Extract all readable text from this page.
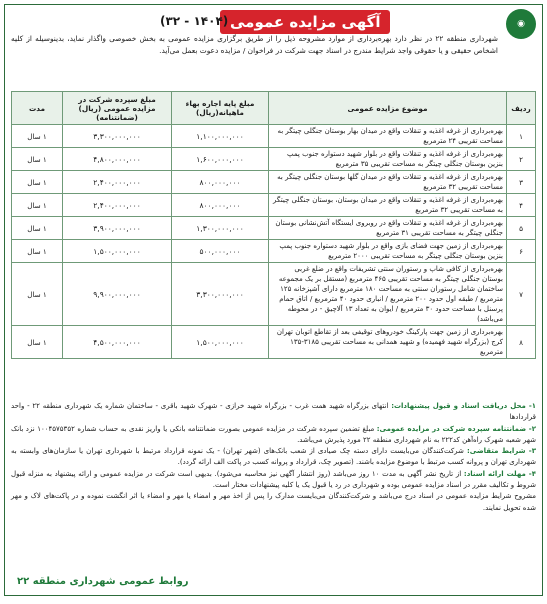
◉
آگهی مزایده عمومی
(۳۲ - ۱۴۰۴)
شهرداری منطقه ۲۲ در نظر دارد بهره‌برداری از موارد مشروحه ذیل را از طریق برگزاری مزایده عمومی به بخش خصوصی واگذار نماید، بدینوسیله از کلیه اشخاص حقیقی و یا حقوقی واجد شرایط مندرج در اسناد جهت شرکت در فراخوان / مزایده دعوت بعمل می‌آید.
ردیف	موضوع مزایده عمومی	مبلغ پایه اجاره بهاء ماهیانه(ریال)	مبلغ سپرده شرکت در مزایده عمومی (ریال) (ضمانتنامه)	مدت
۱	بهره‌برداری از غرفه اغذیه و تنقلات واقع در میدان بهار بوستان جنگلی چیتگر به مساحت تقریبی ۲۴ مترمربع	۱,۱۰۰,۰۰۰,۰۰۰	۳,۳۰۰,۰۰۰,۰۰۰	۱ سال
۲	بهره‌برداری از غرفه اغذیه و تنقلات واقع در بلوار شهید دستواره جنوب پمپ بنزین بوستان جنگلی چیتگر به مساحت تقریبی ۳۵ مترمربع	۱,۶۰۰,۰۰۰,۰۰۰	۴,۸۰۰,۰۰۰,۰۰۰	۱ سال
۳	بهره‌برداری از غرفه اغذیه و تنقلات واقع در میدان گلها بوستان جنگلی چیتگر به مساحت تقریبی ۳۲ مترمربع	۸۰۰,۰۰۰,۰۰۰	۲,۴۰۰,۰۰۰,۰۰۰	۱ سال
۴	بهره‌برداری از غرفه اغذیه و تنقلات واقع در میدان بوستان، بوستان جنگلی چیتگر به مساحت تقریبی ۳۲ مترمربع	۸۰۰,۰۰۰,۰۰۰	۲,۴۰۰,۰۰۰,۰۰۰	۱ سال
۵	بهره‌برداری از غرفه اغذیه و تنقلات واقع در روبروی ایستگاه آتش‌نشانی بوستان جنگلی چیتگر به مساحت تقریبی ۳۱ مترمربع	۱,۳۰۰,۰۰۰,۰۰۰	۳,۹۰۰,۰۰۰,۰۰۰	۱ سال
۶	بهره‌برداری از زمین جهت فضای بازی واقع در بلوار شهید دستواره جنوب پمپ بنزین بوستان جنگلی چیتگر به مساحت تقریبی ۲۰۰۰ مترمربع	۵۰۰,۰۰۰,۰۰۰	۱,۵۰۰,۰۰۰,۰۰۰	۱ سال
۷	بهره‌برداری از کافی شاپ و رستوران سنتی تشریفات واقع در ضلع غربی بوستان جنگلی چیتگر به مساحت تقریبی ۴۶۵ مترمربع (مستقل بر یک مجموعه ساختمان شامل رستوران سنتی به مساحت ۱۸۰ مترمربع دارای آشپزخانه ۱۲۵ مترمربع / طبقه اول حدود ۲۰۰ مترمربع / انباری حدود ۴۰ مترمربع / اتاق حمام پرسنل با مساحت حدود ۳۰ مترمربع / ایوان به تعداد ۱۳ آلاچیق - در محوطه می‌باشد)	۳,۳۰۰,۰۰۰,۰۰۰	۹,۹۰۰,۰۰۰,۰۰۰	۱ سال
۸	بهره‌برداری از زمین جهت پارکینگ خودروهای توقیفی بعد از تقاطع اتوبان تهران کرج (بزرگراه شهید فهمیده) و شهید همدانی به مساحت تقریبی ۳۱۸۵-۱۳۵ مترمربع	۱,۵۰۰,۰۰۰,۰۰۰	۴,۵۰۰,۰۰۰,۰۰۰	۱ سال
۱- محل دریافت اسناد و قبول پیشنهادات: انتهای بزرگراه شهید همت غرب - بزرگراه شهید خرازی - شهرک شهید باقری - ساختمان شماره یک شهرداری منطقه ۲۲ - واحد قراردادها
۲- ضمانتنامه سپرده شرکت در مزایده عمومی: مبلغ تضمین سپرده شرکت در مزایده عمومی بصورت ضمانتنامه بانکی یا واریز نقدی به حساب شماره ۱۰۰۴۵۷۵۳۵۲ نزد بانک شهر شعبه شهرک راه‌آهن کد۲۲۲ به نام شهرداری منطقه ۲۲ مورد پذیرش می‌باشد.
۳- شرایط متقاضی: شرکت‌کنندگان می‌بایست دارای دسته چک صیادی از شعب بانک‌های (شهر تهران) - یک نمونه قرارداد مرتبط با شهرداری تهران یا سازمان‌های وابسته به شهرداری تهران و پروانه کسب مرتبط با موضوع مزایده باشند. (تصویر چک، قرارداد و پروانه کسب در پاکت الف ارائه گردد).
۴- مهلت ارائه اسناد: از تاریخ نشر آگهی به مدت ۱۰ روز می‌باشد (روز انتشار آگهی نیز محاسبه می‌شود). بدیهی است شرکت در مزایده عمومی و ارائه پیشنهاد به منزله قبول شروط و تکالیف مقرر در اسناد مزایده عمومی بوده و شهرداری در رد یا قبول یک یا کلیه پیشنهادات مختار است.
مشروح شرایط مزایده عمومی در اسناد درج می‌باشد و شرکت‌کنندگان می‌بایست مدارک را پس از اخذ مهر و امضاء یا مهر و امضاء یا اثر انگشت نموده و در پاکت‌های لاک و مهر شده تحویل نمایند.
روابط عمومی شهرداری منطقه ۲۲
